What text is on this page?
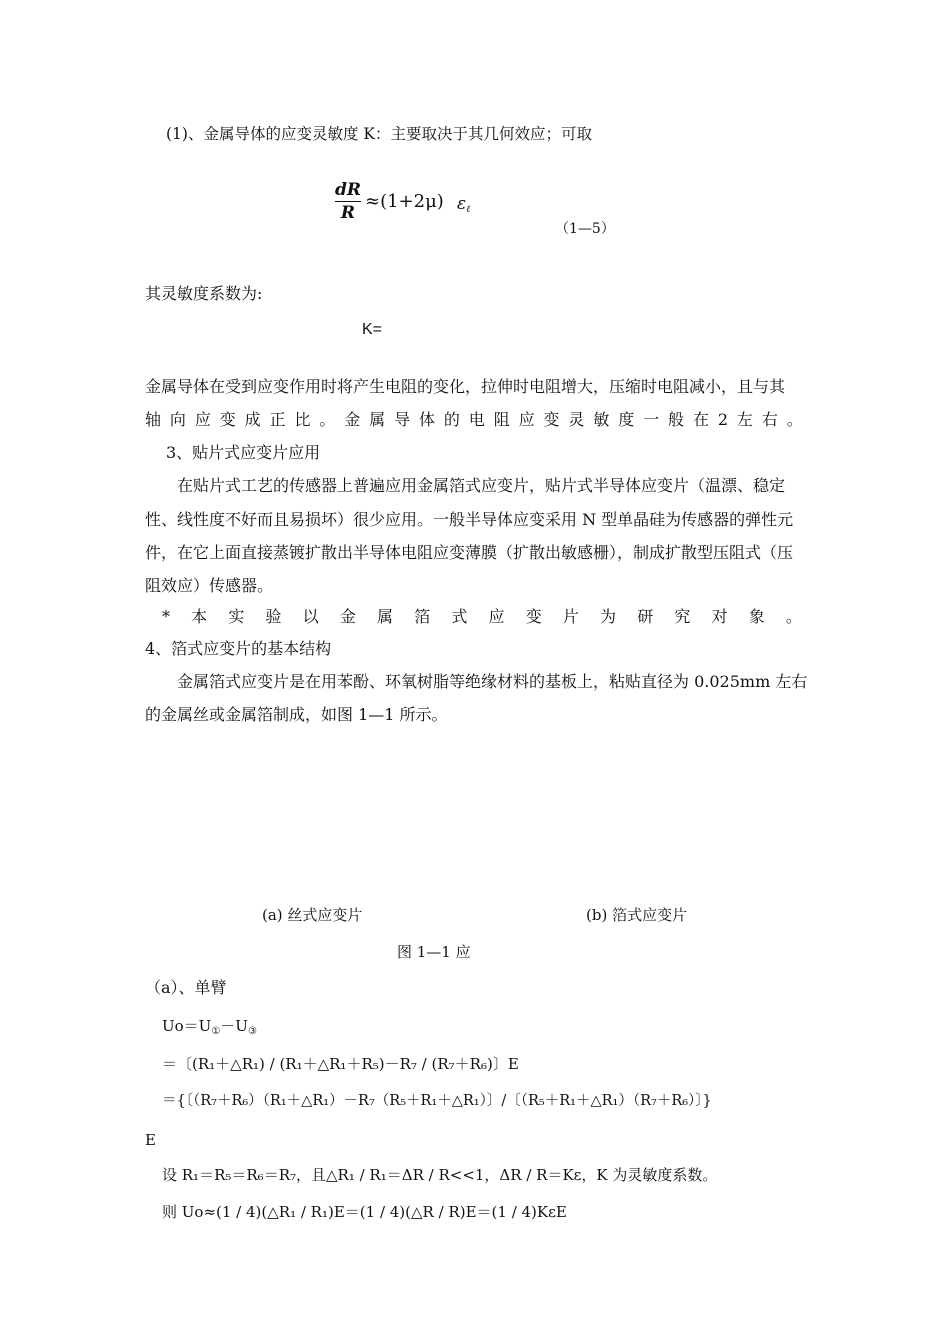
(1)、金属导体的应变灵敏度 K：主要取决于其几何效应；可取
dR
R
≈(1+2μ) $\varepsilon_\ell$
（1—5）
其灵敏度系数为:
K=
金属导体在受到应变作用时将产生电阻的变化，拉伸时电阻增大，压缩时电阻减小，且与其
轴 向 应 变 成 正 比 。 金 属 导 体 的 电 阻 应 变 灵 敏 度 一 般 在 2 左 右 。
3、贴片式应变片应用
在贴片式工艺的传感器上普遍应用金属箔式应变片，贴片式半导体应变片（温漂、稳定
性、线性度不好而且易损坏）很少应用。一般半导体应变采用 N 型单晶硅为传感器的弹性元
件，在它上面直接蒸镀扩散出半导体电阻应变薄膜（扩散出敏感栅），制成扩散型压阻式（压
阻效应）传感器。
* 本 实 验 以 金 属 箔 式 应 变 片 为 研 究 对 象 。
4、箔式应变片的基本结构
金属箔式应变片是在用苯酚、环氧树脂等绝缘材料的基板上，粘贴直径为 0.025mm 左右
的金属丝或金属箔制成，如图 1—1 所示。
(a) 丝式应变片	(b) 箔式应变片
图 1—1 应
（a）、单臂
$Uo=U_①-U_③$
＝〔(R₁＋△R₁) / (R₁＋△R₁＋R₅)－R₇ / (R₇＋R₆)〕E
＝{〔（R₇＋R₆）（R₁＋△R₁）－R₇（R₅＋R₁＋△R₁）〕/〔（R₅＋R₁＋△R₁）（R₇＋R₆）〕}
E
设 R₁＝R₅＝R₆＝R₇，且△R₁ / R₁＝ΔR / R<<1，ΔR / R＝Kε，K 为灵敏度系数。
则 Uo≈(1 / 4)(△R₁ / R₁)E＝(1 / 4)(△R / R)E＝(1 / 4)KεE
